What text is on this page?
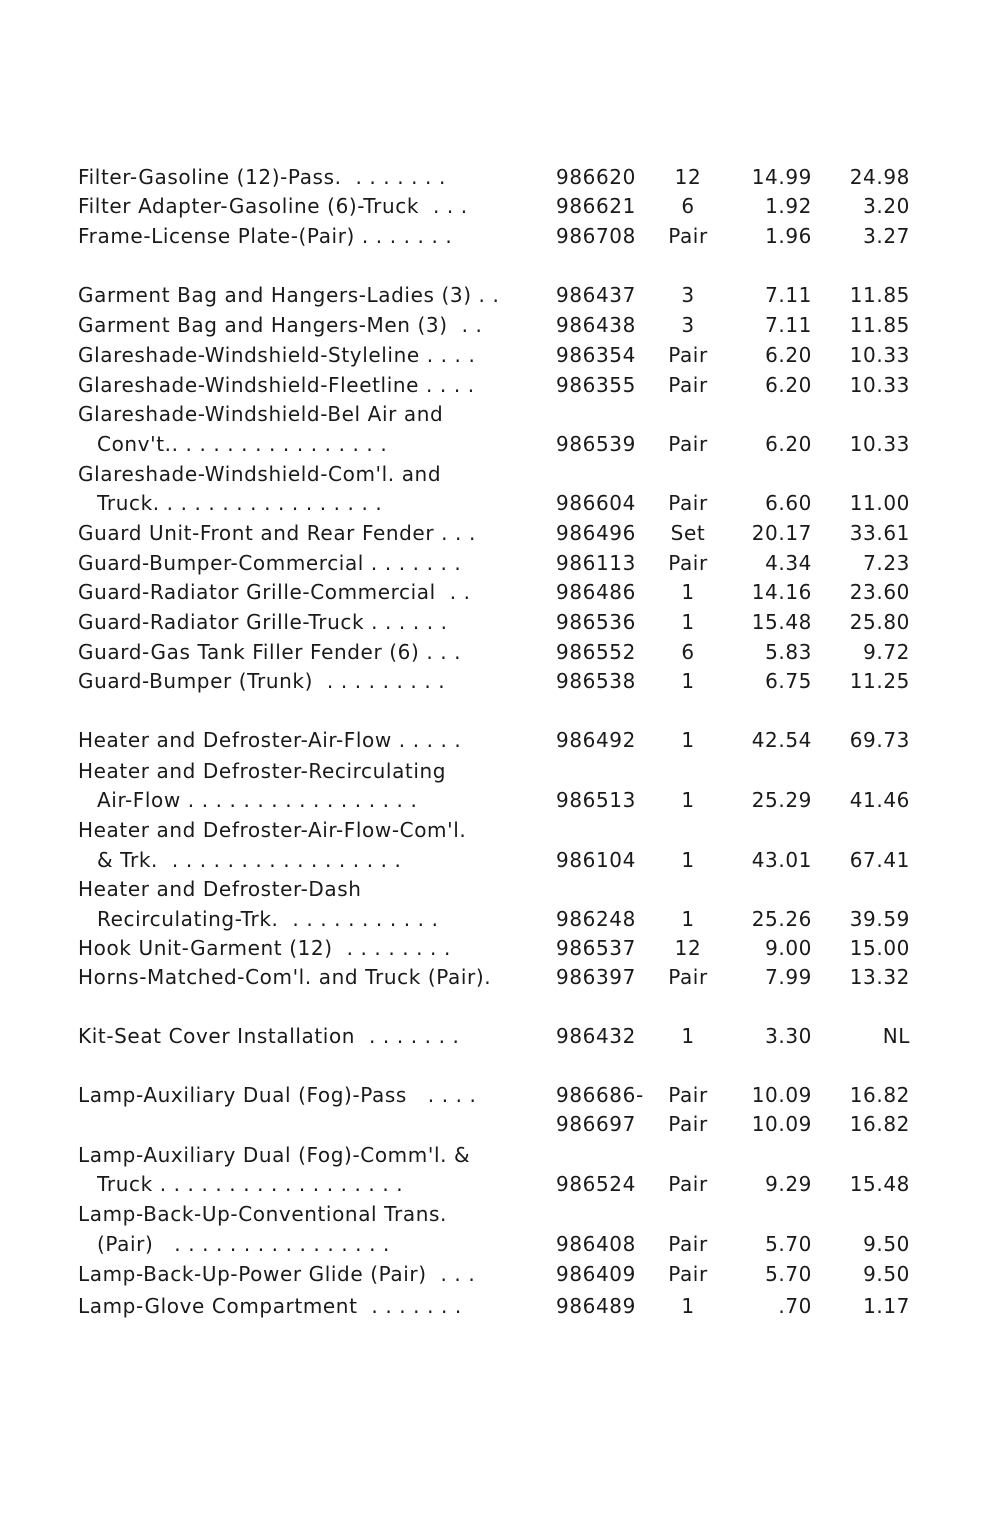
Filter-Gasoline (12)-Pass.  . . . . . . .	986620	12	14.99	24.98
Filter Adapter-Gasoline (6)-Truck  . . .	986621	6	1.92	3.20
Frame-License Plate-(Pair) . . . . . . .	986708	Pair	1.96	3.27
Garment Bag and Hangers-Ladies (3) . .	986437	3	7.11	11.85
Garment Bag and Hangers-Men (3)  . .	986438	3	7.11	11.85
Glareshade-Windshield-Styleline . . . .	986354	Pair	6.20	10.33
Glareshade-Windshield-Fleetline . . . .	986355	Pair	6.20	10.33
Glareshade-Windshield-Bel Air and
Conv't.. . . . . . . . . . . . . . . .	986539	Pair	6.20	10.33
Glareshade-Windshield-Com'l. and
Truck. . . . . . . . . . . . . . . . .	986604	Pair	6.60	11.00
Guard Unit-Front and Rear Fender . . .	986496	Set	20.17	33.61
Guard-Bumper-Commercial . . . . . . .	986113	Pair	4.34	7.23
Guard-Radiator Grille-Commercial  . .	986486	1	14.16	23.60
Guard-Radiator Grille-Truck . . . . . .	986536	1	15.48	25.80
Guard-Gas Tank Filler Fender (6) . . .	986552	6	5.83	9.72
Guard-Bumper (Trunk)  . . . . . . . . .	986538	1	6.75	11.25
Heater and Defroster-Air-Flow . . . . .	986492	1	42.54	69.73
Heater and Defroster-Recirculating
Air-Flow . . . . . . . . . . . . . . . . .	986513	1	25.29	41.46
Heater and Defroster-Air-Flow-Com'l.
& Trk.  . . . . . . . . . . . . . . . . .	986104	1	43.01	67.41
Heater and Defroster-Dash
Recirculating-Trk.  . . . . . . . . . . .	986248	1	25.26	39.59
Hook Unit-Garment (12)  . . . . . . . .	986537	12	9.00	15.00
Horns-Matched-Com'l. and Truck (Pair).	986397	Pair	7.99	13.32
Kit-Seat Cover Installation  . . . . . . .	986432	1	3.30	NL
Lamp-Auxiliary Dual (Fog)-Pass   . . . .	986686-	Pair	10.09	16.82
986697	Pair	10.09	16.82
Lamp-Auxiliary Dual (Fog)-Comm'l. &
Truck . . . . . . . . . . . . . . . . . .	986524	Pair	9.29	15.48
Lamp-Back-Up-Conventional Trans.
(Pair)   . . . . . . . . . . . . . . . .	986408	Pair	5.70	9.50
Lamp-Back-Up-Power Glide (Pair)  . . .	986409	Pair	5.70	9.50
Lamp-Glove Compartment  . . . . . . .	986489	1	.70	1.17
